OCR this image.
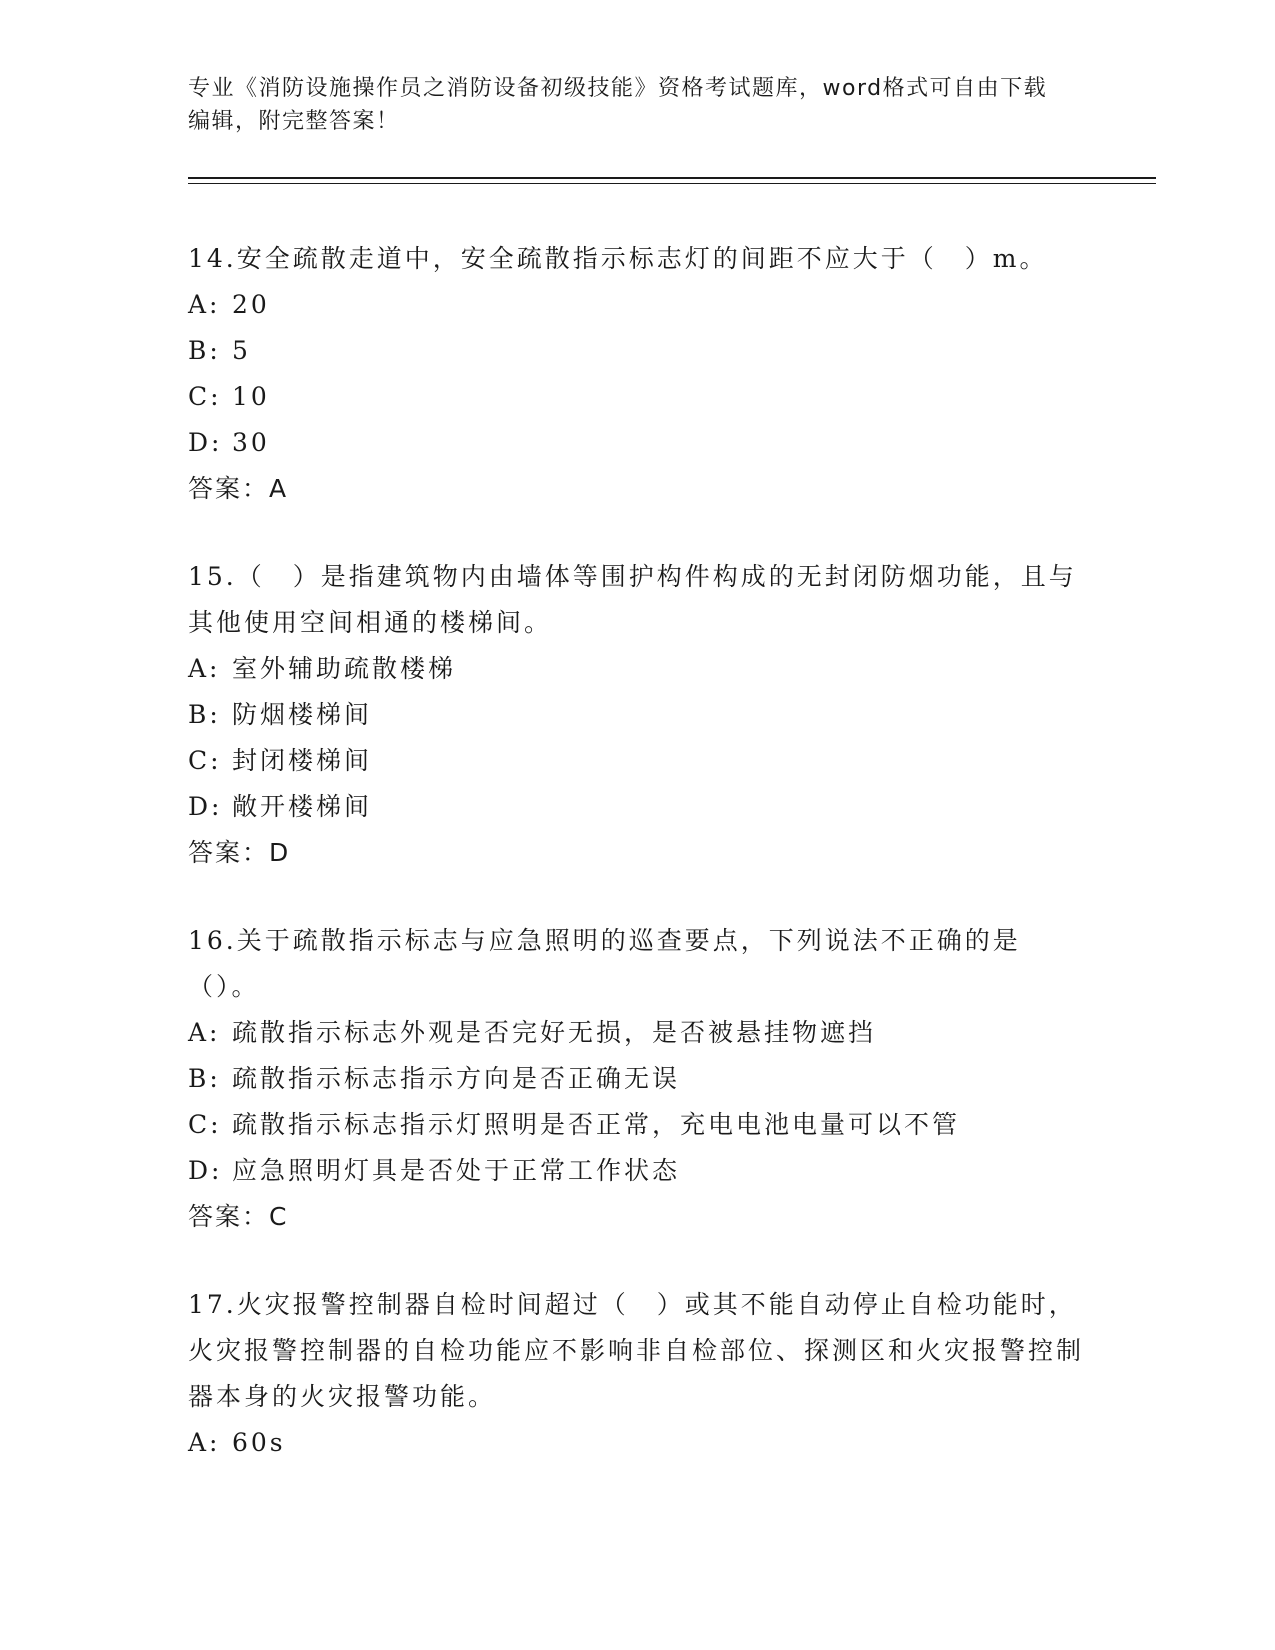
专业《消防设施操作员之消防设备初级技能》资格考试题库，word格式可自由下载编辑，附完整答案！

14.安全疏散走道中，安全疏散指示标志灯的间距不应大于（　）m。

A: 20

B: 5

C: 10

D: 30

答案：A

15.（　）是指建筑物内由墙体等围护构件构成的无封闭防烟功能，且与其他使用空间相通的楼梯间。

A: 室外辅助疏散楼梯

B: 防烟楼梯间

C: 封闭楼梯间

D: 敞开楼梯间

答案：D

16.关于疏散指示标志与应急照明的巡查要点，下列说法不正确的是（）。

A: 疏散指示标志外观是否完好无损，是否被悬挂物遮挡

B: 疏散指示标志指示方向是否正确无误

C: 疏散指示标志指示灯照明是否正常，充电电池电量可以不管

D: 应急照明灯具是否处于正常工作状态

答案：C

17.火灾报警控制器自检时间超过（　）或其不能自动停止自检功能时，火灾报警控制器的自检功能应不影响非自检部位、探测区和火灾报警控制器本身的火灾报警功能。

A: 60s
